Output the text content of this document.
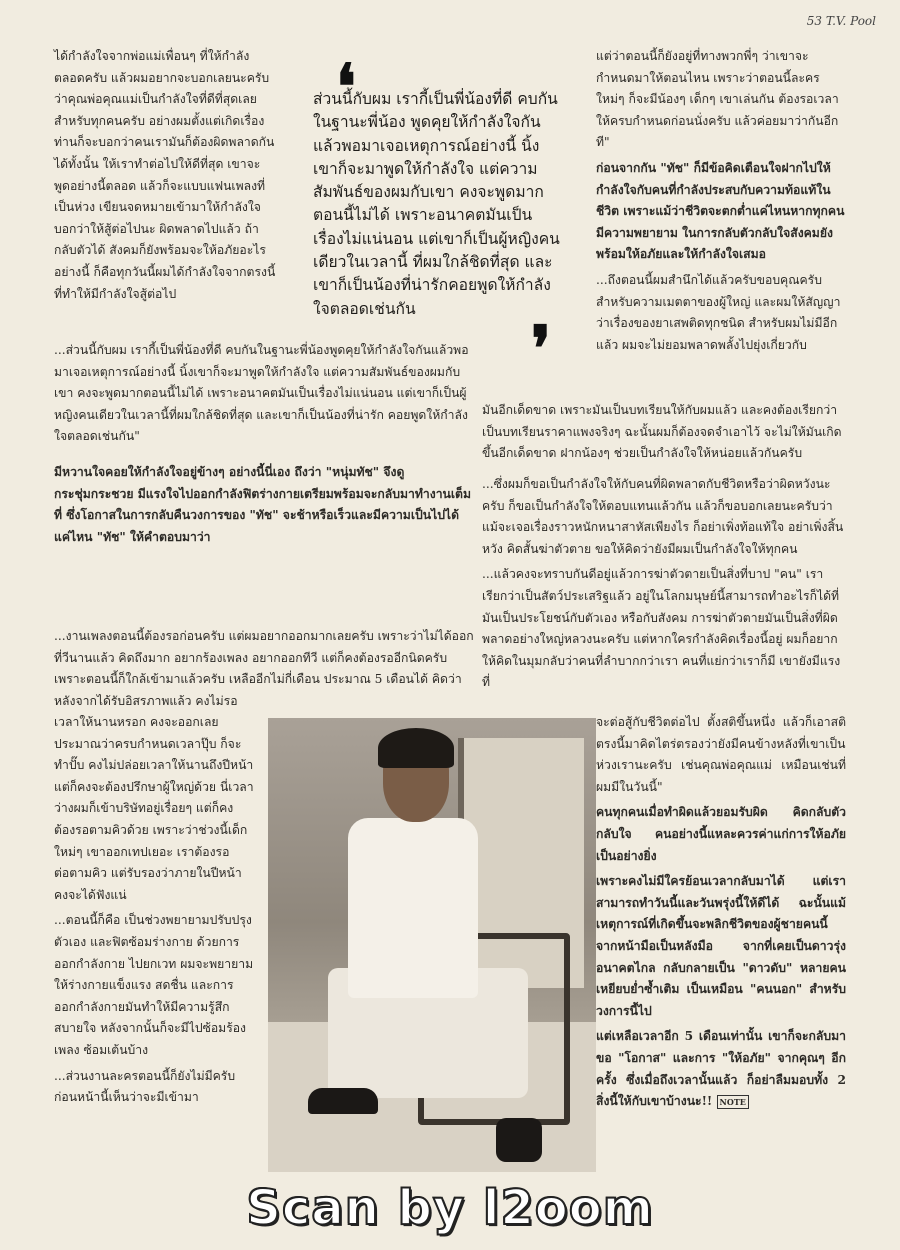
53 T.V. Pool

ได้กำลังใจจากพ่อแม่เพื่อนๆ ที่ให้กำลังตลอดครับ แล้วผมอยากจะบอกเลยนะครับว่าคุณพ่อคุณแม่เป็นกำลังใจที่ดีที่สุดเลยสำหรับทุกคนครับ อย่างผมตั้งแต่เกิดเรื่อง ท่านก็จะบอกว่าคนเรามันก็ต้องผิดพลาดกันได้ทั้งนั้น ให้เราทำต่อไปให้ดีที่สุด เขาจะพูดอย่างนี้ตลอด แล้วก็จะแบบแฟนเพลงที่เป็นห่วง เขียนจดหมายเข้ามาให้กำลังใจ บอกว่าให้สู้ต่อไปนะ ผิดพลาดไปแล้ว ถ้ากลับตัวได้ สังคมก็ยังพร้อมจะให้อภัยอะไรอย่างนี้ ก็คือทุกวันนี้ผมได้กำลังใจจากตรงนี้ ที่ทำให้มีกำลังใจสู้ต่อไป

❛
ส่วนนี้กับผม เรากี้เป็นพี่น้องที่ดี คบกันในฐานะพี่น้อง พูดคุยให้กำลังใจกันแล้วพอมาเจอเหตุการณ์อย่างนี้ นิ้งเขาก็จะมาพูดให้กำลังใจ แต่ความสัมพันธ์ของผมกับเขา คงจะพูดมากตอนนี้ไม่ได้ เพราะอนาคตมันเป็นเรื่องไม่แน่นอน แต่เขาก็เป็นผู้หญิงคนเดียวในเวลานี้ ที่ผมใกล้ชิดที่สุด และเขาก็เป็นน้องที่น่ารักคอยพูดให้กำลังใจตลอดเช่นกัน
❜

แต่ว่าตอนนี้ก็ยังอยู่ที่ทางพวกพี่ๆ ว่าเขาจะกำหนดมาให้ตอนไหน เพราะว่าตอนนี้ละครใหม่ๆ ก็จะมีน้องๆ เด็กๆ เขาเล่นกัน ต้องรอเวลาให้ครบกำหนดก่อนนั่งครับ แล้วค่อยมาว่ากันอีกที"

ก่อนจากกัน "ทัช" ก็มีข้อคิดเตือนใจฝากไปให้กำลังใจกับคนที่กำลังประสบกับความท้อแท้ในชีวิต เพราะแม้ว่าชีวิตจะตกต่ำแค่ไหนหากทุกคนมีความพยายาม ในการกลับตัวกลับใจสังคมยังพร้อมให้อภัยและให้กำลังใจเสมอ

...ถึงตอนนี้ผมสำนึกได้แล้วครับขอบคุณครับสำหรับความเมตตาของผู้ใหญ่ และผมให้สัญญาว่าเรื่องของยาเสพติดทุกชนิด สำหรับผมไม่มีอีกแล้ว ผมจะไม่ยอมพลาดพลั้งไปยุ่งเกี่ยวกับ

...ส่วนนี้กับผม เรากี้เป็นพี่น้องที่ดี คบกันในฐานะพี่น้องพูดคุยให้กำลังใจกันแล้วพอมาเจอเหตุการณ์อย่างนี้ นิ้งเขาก็จะมาพูดให้กำลังใจ แต่ความสัมพันธ์ของผมกับเขา คงจะพูดมากตอนนี้ไม่ได้ เพราะอนาคตมันเป็นเรื่องไม่แน่นอน แต่เขาก็เป็นผู้หญิงคนเดียวในเวลานี้ที่ผมใกล้ชิดที่สุด และเขาก็เป็นน้องที่น่ารัก คอยพูดให้กำลังใจตลอดเช่นกัน"

มันอีกเด็ดขาด เพราะมันเป็นบทเรียนให้กับผมแล้ว และคงต้องเรียกว่าเป็นบทเรียนราคาแพงจริงๆ ฉะนั้นผมก็ต้องจดจำเอาไว้ จะไม่ให้มันเกิดขึ้นอีกเด็ดขาด ฝากน้องๆ ช่วยเป็นกำลังใจให้หน่อยแล้วกันครับ

มีหวานใจคอยให้กำลังใจอยู่ข้างๆ อย่างนี้นี่เอง ถึงว่า "หนุ่มทัช" จึงดูกระชุ่มกระชวย มีแรงใจไปออกกำลังฟิตร่างกายเตรียมพร้อมจะกลับมาทำงานเต็มที่ ซึ่งโอกาสในการกลับคืนวงการของ "ทัช" จะช้าหรือเร็วและมีความเป็นไปได้แค่ไหน "ทัช" ให้คำตอบมาว่า

...ซึ่งผมก็ขอเป็นกำลังใจให้กับคนที่ผิดพลาดกับชีวิตหรือว่าผิดหวังนะครับ ก็ขอเป็นกำลังใจให้ตอบแทนแล้วกัน แล้วก็ขอบอกเลยนะครับว่า แม้จะเจอเรื่องราวหนักหนาสาหัสเพียงไร ก็อย่าเพิ่งท้อแท้ใจ อย่าเพิ่งสิ้นหวัง คิดสั้นฆ่าตัวตาย ขอให้คิดว่ายังมีผมเป็นกำลังใจให้ทุกคน

...แล้วคงจะทราบกันดีอยู่แล้วการฆ่าตัวตายเป็นสิ่งที่บาป "คน" เราเรียกว่าเป็นสัตว์ประเสริฐแล้ว อยู่ในโลกมนุษย์นี้สามารถทำอะไรก็ได้ที่มันเป็นประโยชน์กับตัวเอง หรือกับสังคม การฆ่าตัวตายมันเป็นสิ่งที่ผิดพลาดอย่างใหญ่หลวงนะครับ แต่หากใครกำลังคิดเรื่องนี้อยู่ ผมก็อยากให้คิดในมุมกลับว่าคนที่ลำบากกว่าเรา คนที่แย่กว่าเราก็มี เขายังมีแรงที่

...งานเพลงตอนนี้ต้องรอก่อนครับ แต่ผมอยากออกมากเลยครับ เพราะว่าไม่ได้ออกที่วีนานแล้ว คิดถึงมาก อยากร้องเพลง อยากออกทีวี แต่ก็คงต้องรออีกนิดครับ เพราะตอนนี้ก็ใกล้เข้ามาแล้วครับ เหลืออีกไม่กี่เดือน ประมาณ 5 เดือนได้ คิดว่าหลังจากได้รับอิสรภาพแล้ว คงไม่รอ

เวลาให้นานหรอก คงจะออกเลยประมาณว่าครบกำหนดเวลาปุ๊บ ก็จะทำปั๊บ คงไม่ปล่อยเวลาให้นานถึงปีหน้า แต่ก็คงจะต้องปรึกษาผู้ใหญ่ด้วย นี่เวลาว่างผมก็เข้าบริษัทอยู่เรื่อยๆ แต่ก็คงต้องรอตามคิวด้วย เพราะว่าช่วงนี้เด็กใหม่ๆ เขาออกเทปเยอะ เราต้องรอต่อตามคิว แต่รับรองว่าภายในปีหน้าคงจะได้ฟังแน่

...ตอนนี้ก็คือ เป็นช่วงพยายามปรับปรุงตัวเอง และฟิตซ้อมร่างกาย ด้วยการออกกำลังกาย ไปยกเวท ผมจะพยายามให้ร่างกายแข็งแรง สดชื่น และการออกกำลังกายมันทำให้มีความรู้สึกสบายใจ หลังจากนั้นก็จะมีไปซ้อมร้องเพลง ซ้อมเต้นบ้าง

...ส่วนงานละครตอนนี้ก็ยังไม่มีครับ ก่อนหน้านี้เห็นว่าจะมีเข้ามา

จะต่อสู้กับชีวิตต่อไป ตั้งสติขึ้นหนึ่ง แล้วก็เอาสติตรงนี้มาคิดไตร่ตรองว่ายังมีคนข้างหลังที่เขาเป็นห่วงเรานะครับ เช่นคุณพ่อคุณแม่ เหมือนเช่นที่ผมมีในวันนี้"

คนทุกคนเมื่อทำผิดแล้วยอมรับผิด คิดกลับตัวกลับใจ คนอย่างนี้แหละควรค่าแก่การให้อภัยเป็นอย่างยิ่ง

เพราะคงไม่มีใครย้อนเวลากลับมาได้ แต่เราสามารถทำวันนี้และวันพรุ่งนี้ให้ดีได้ ฉะนั้นแม้เหตุการณ์ที่เกิดขึ้นจะพลิกชีวิตของผู้ชายคนนี้ จากหน้ามือเป็นหลังมือ จากที่เคยเป็นดาวรุ่งอนาคตไกล กลับกลายเป็น "ดาวดับ" หลายคนเหยียบย่ำซ้ำเติม เป็นเหมือน "คนนอก" สำหรับวงการนี้ไป

แต่เหลือเวลาอีก 5 เดือนเท่านั้น เขาก็จะกลับมาขอ "โอกาส" และการ "ให้อภัย" จากคุณๆ อีกครั้ง ซึ่งเมื่อถึงเวลานั้นแล้ว ก็อย่าลืมมอบทั้ง 2 สิ่งนี้ให้กับเขาบ้างนะ!! NOTE

Scan by l2oom
